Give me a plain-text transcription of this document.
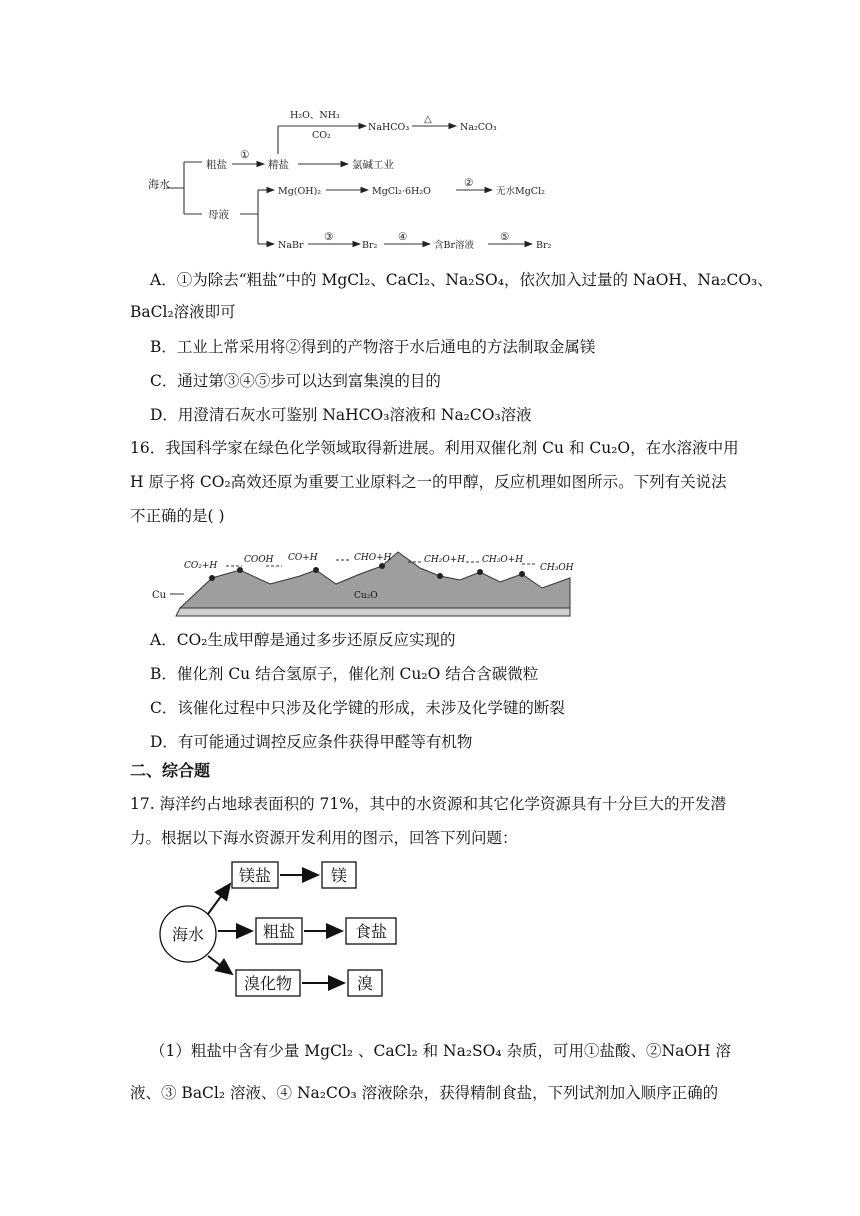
海水
粗盐
①
精盐	氯碱工业
H₂O、NH₃
CO₂
NaHCO₃
△
Na₂CO₃
母液
Mg(OH)₂	MgCl₂·6H₂O
②
无水MgCl₂
NaBr
③
Br₂
④
含Br溶液
⑤
Br₂
A．①为除去“粗盐”中的 MgCl₂、CaCl₂、Na₂SO₄，依次加入过量的 NaOH、Na₂CO₃、
BaCl₂溶液即可
B．工业上常采用将②得到的产物溶于水后通电的方法制取金属镁
C．通过第③④⑤步可以达到富集溴的目的
D．用澄清石灰水可鉴别 NaHCO₃溶液和 Na₂CO₃溶液
16．我国科学家在绿色化学领域取得新进展。利用双催化剂 Cu 和 Cu₂O，在水溶液中用
H 原子将 CO₂高效还原为重要工业原料之一的甲醇，反应机理如图所示。下列有关说法
不正确的是( )
Cu	Cu₂O
CO₂+H
COOH CO+H	CHO+H	CH₂O+H CH₃O+H
CH₃OH
A．CO₂生成甲醇是通过多步还原反应实现的
B．催化剂 Cu 结合氢原子，催化剂 Cu₂O 结合含碳微粒
C．该催化过程中只涉及化学键的形成，未涉及化学键的断裂
D．有可能通过调控反应条件获得甲醛等有机物
二、综合题
17. 海洋约占地球表面积的 71%，其中的水资源和其它化学资源具有十分巨大的开发潜
力。根据以下海水资源开发利用的图示，回答下列问题：
海水
镁盐	镁
粗盐	食盐
溴化物	溴
（1）粗盐中含有少量 MgCl₂ 、CaCl₂ 和 Na₂SO₄ 杂质，可用①盐酸、②NaOH 溶
液、③ BaCl₂ 溶液、④ Na₂CO₃ 溶液除杂，获得精制食盐，下列试剂加入顺序正确的
